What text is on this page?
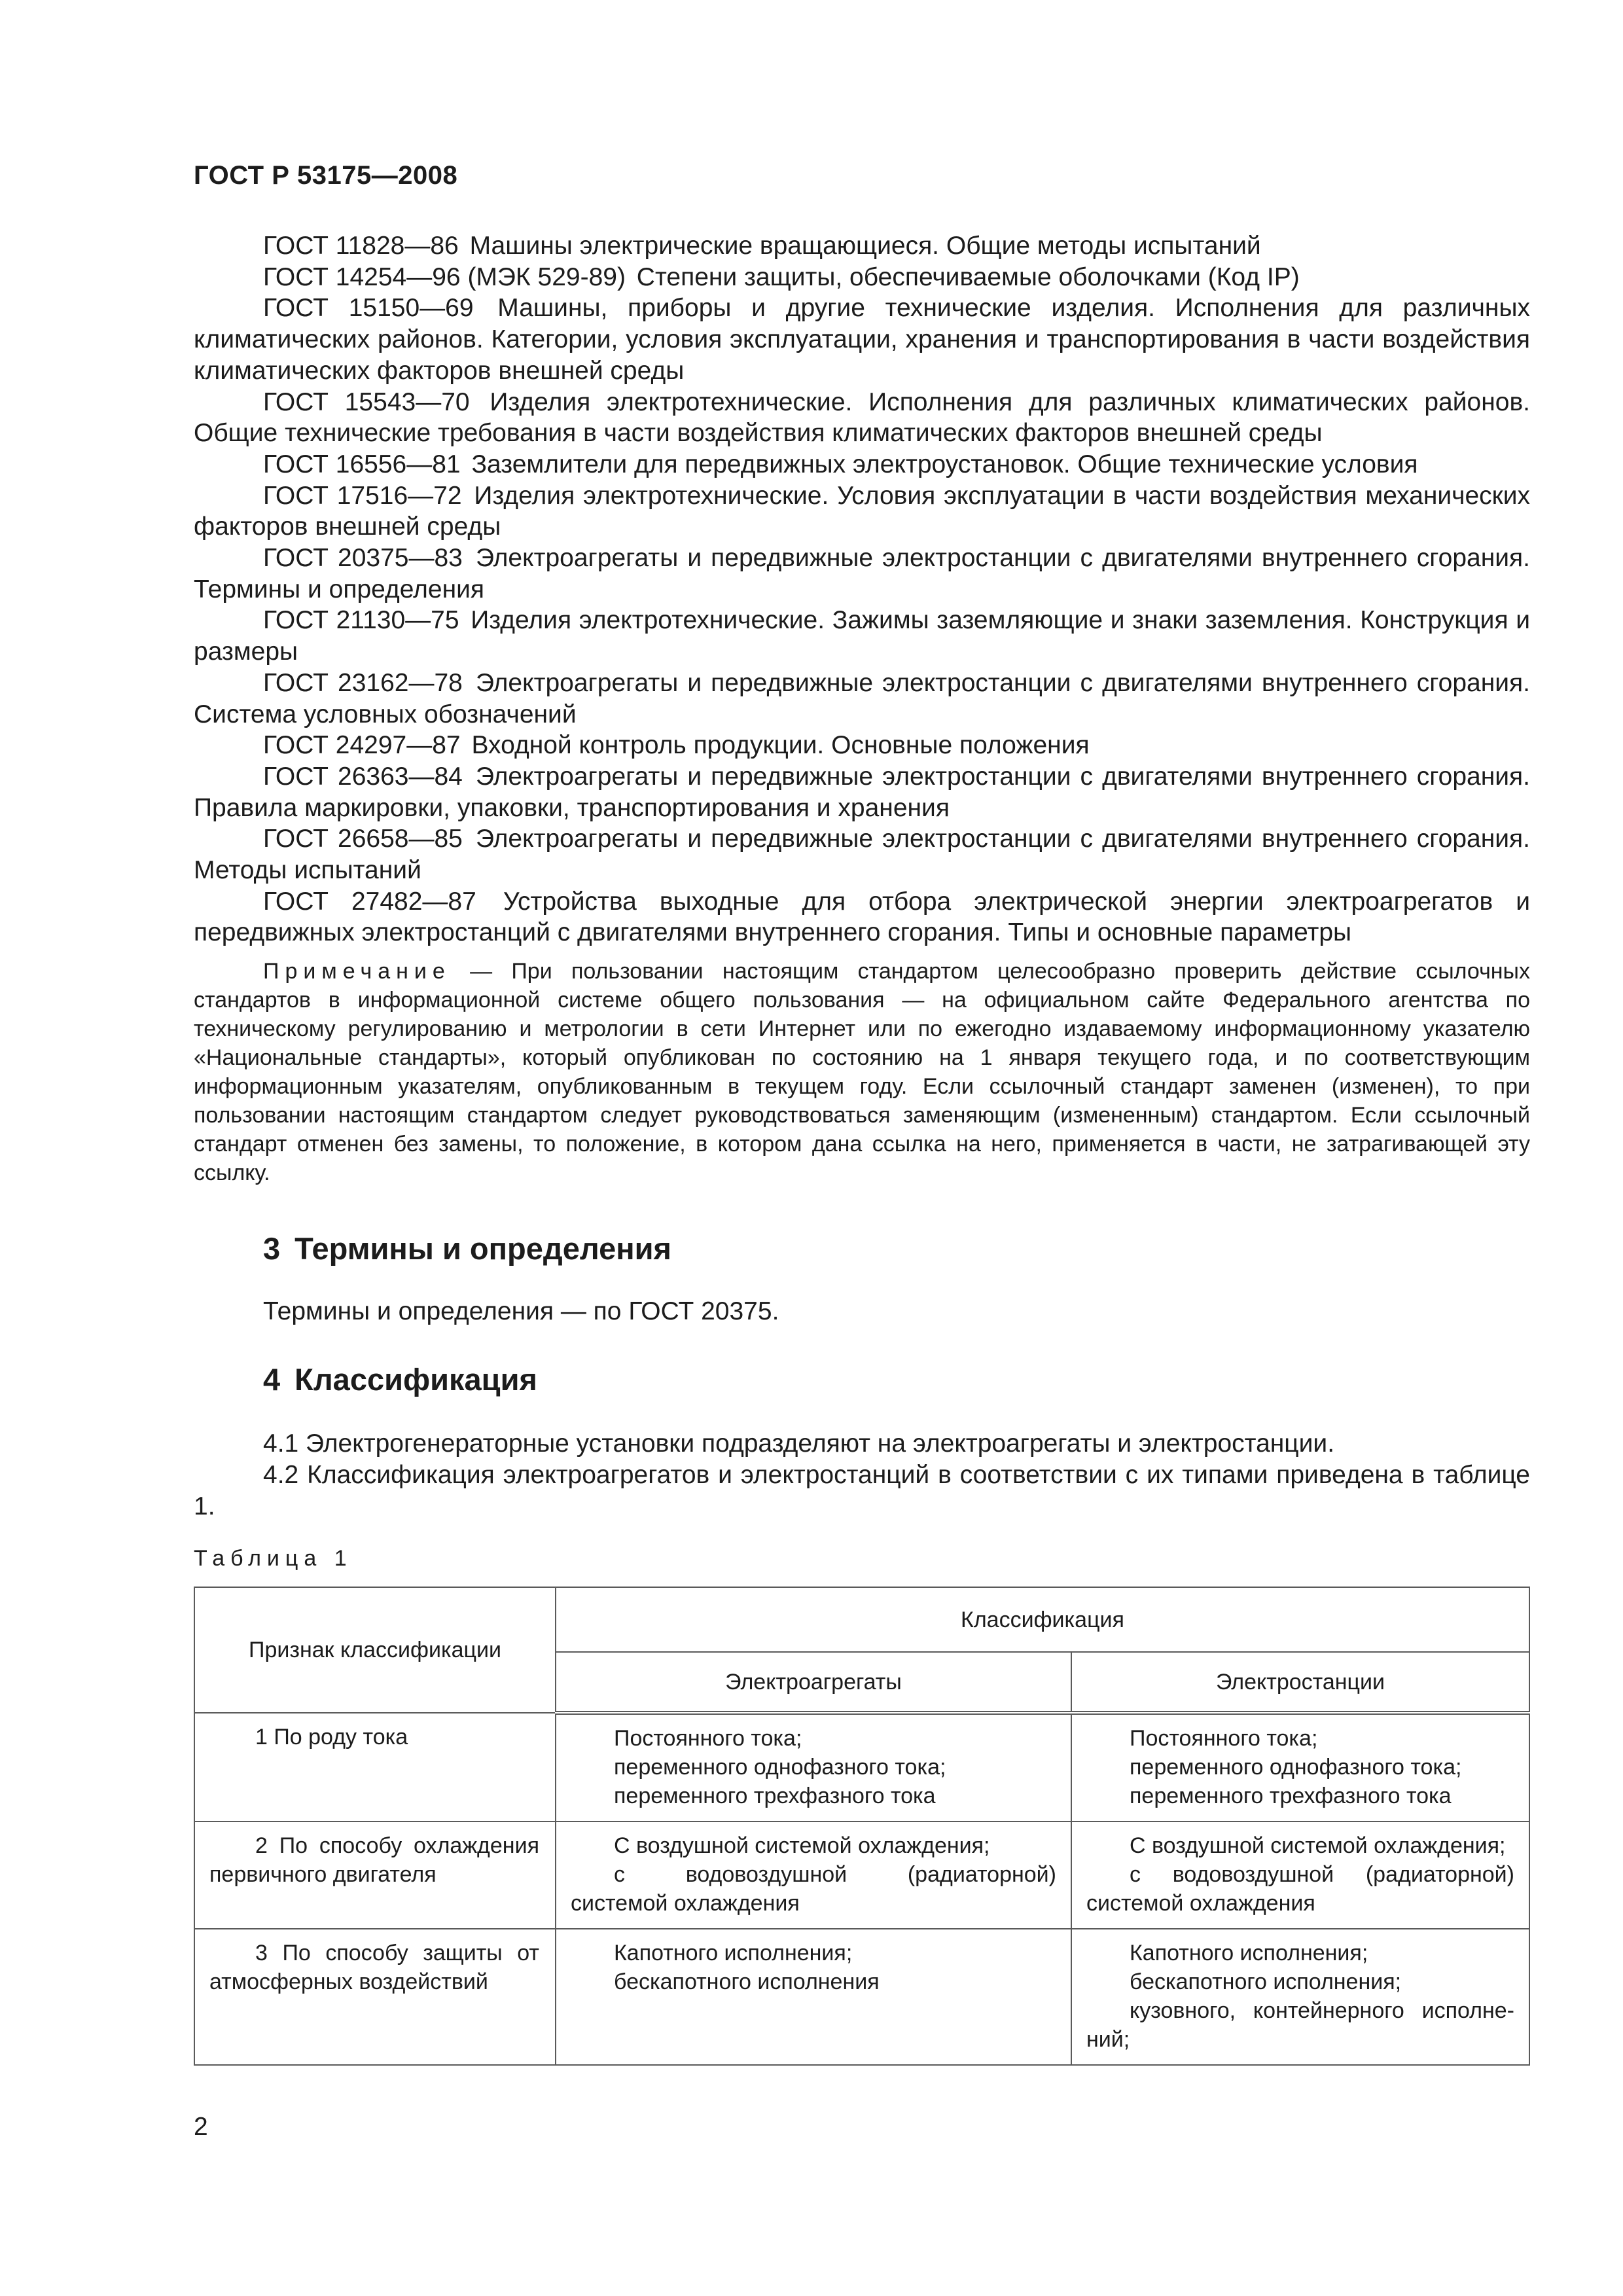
ГОСТ Р 53175—2008

ГОСТ 11828—86 Машины электрические вращающиеся. Общие методы испытаний

ГОСТ 14254—96 (МЭК 529-89) Степени защиты, обеспечиваемые оболочками (Код IP)

ГОСТ 15150—69 Машины, приборы и другие технические изделия. Исполнения для различных климатических районов. Категории, условия эксплуатации, хранения и транспортирования в части воздействия климатических факторов внешней среды

ГОСТ 15543—70 Изделия электротехнические. Исполнения для различных климатических районов. Общие технические требования в части воздействия климатических факторов внешней среды

ГОСТ 16556—81 Заземлители для передвижных электроустановок. Общие технические условия

ГОСТ 17516—72 Изделия электротехнические. Условия эксплуатации в части воздействия механических факторов внешней среды

ГОСТ 20375—83 Электроагрегаты и передвижные электростанции с двигателями внутреннего сгорания. Термины и определения

ГОСТ 21130—75 Изделия электротехнические. Зажимы заземляющие и знаки заземления. Конструкция и размеры

ГОСТ 23162—78 Электроагрегаты и передвижные электростанции с двигателями внутреннего сгорания. Система условных обозначений

ГОСТ 24297—87 Входной контроль продукции. Основные положения

ГОСТ 26363—84 Электроагрегаты и передвижные электростанции с двигателями внутреннего сгорания. Правила маркировки, упаковки, транспортирования и хранения

ГОСТ 26658—85 Электроагрегаты и передвижные электростанции с двигателями внутреннего сгорания. Методы испытаний

ГОСТ 27482—87 Устройства выходные для отбора электрической энергии электроагрегатов и передвижных электростанций с двигателями внутреннего сгорания. Типы и основные параметры

Примечание — При пользовании настоящим стандартом целесообразно проверить действие ссылочных стандартов в информационной системе общего пользования — на официальном сайте Федерального агентства по техническому регулированию и метрологии в сети Интернет или по ежегодно издаваемому информационному указателю «Национальные стандарты», который опубликован по состоянию на 1 января текущего года, и по соответствующим информационным указателям, опубликованным в текущем году. Если ссылочный стандарт заменен (изменен), то при пользовании настоящим стандартом следует руководствоваться заменяющим (измененным) стандартом. Если ссылочный стандарт отменен без замены, то положение, в котором дана ссылка на него, применяется в части, не затрагивающей эту ссылку.

3 Термины и определения

Термины и определения — по ГОСТ 20375.

4 Классификация

4.1 Электрогенераторные установки подразделяют на электроагрегаты и электростанции.

4.2 Классификация электроагрегатов и электростанций в соответствии с их типами приведена в таблице 1.

Таблица 1
Признак классификации	Классификация	
	Электроагрегаты	Электростанции
1 По роду тока	Постоянного тока;
переменного однофазного тока;
переменного трехфазного тока	Постоянного тока;
переменного однофазного тока;
переменного трехфазного тока

2 По способу охлаждения первичного двигателя	С воздушной системой охлаждения;
с водовоздушной (радиаторной)
системой охлаждения	С воздушной системой охлаждения;
с водовоздушной (радиаторной)
системой охлаждения

3 По способу защиты от атмосферных воздействий	Капотного исполнения;
бескапотного исполнения	Капотного исполнения;
бескапотного исполнения;
кузовного, контейнерного исполне-
ний;
2
